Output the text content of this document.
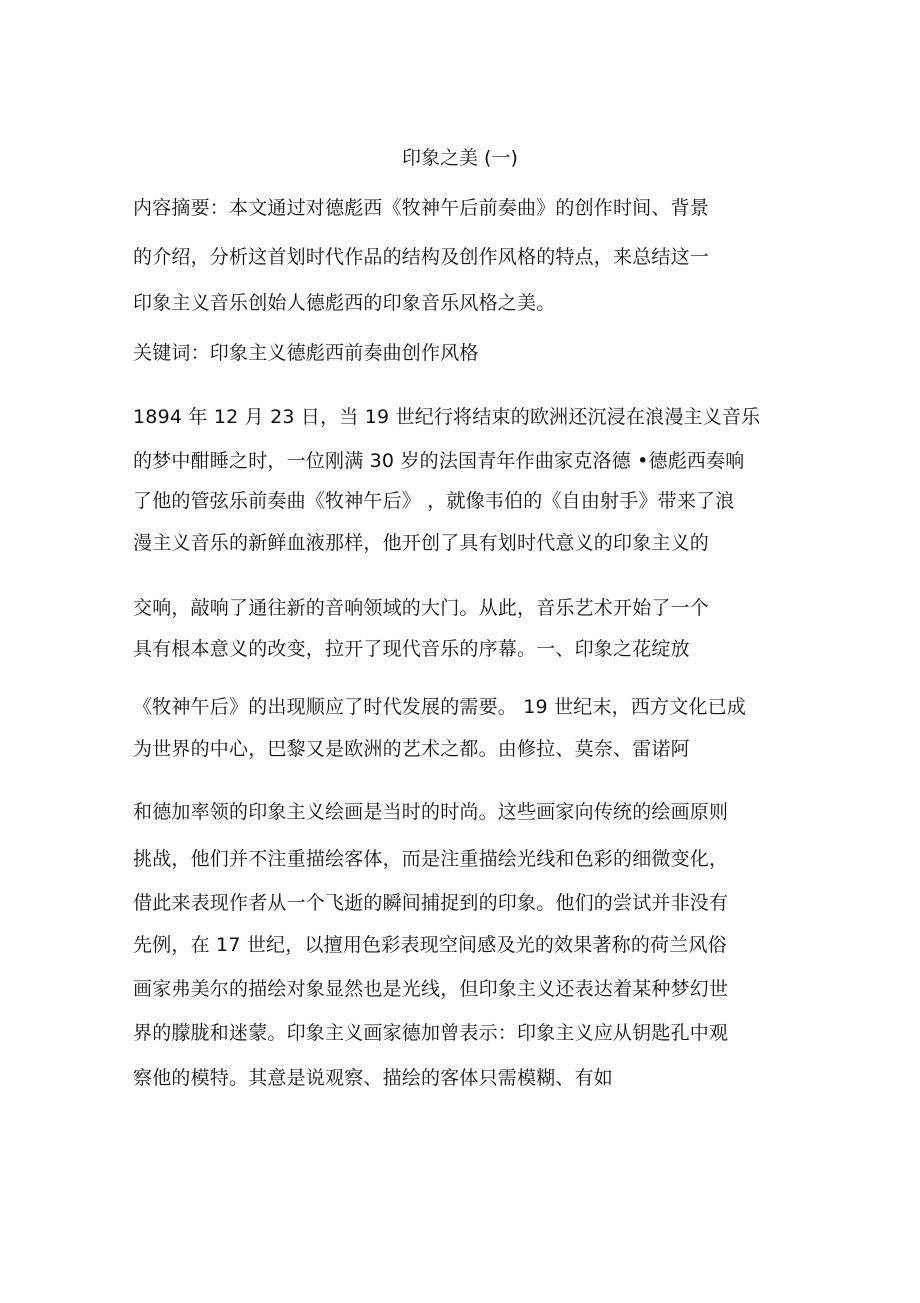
印象之美 (一)
内容摘要：本文通过对德彪西《牧神午后前奏曲》的创作时间、背景
的介绍，分析这首划时代作品的结构及创作风格的特点，来总结这一
印象主义音乐创始人德彪西的印象音乐风格之美。
关键词：印象主义德彪西前奏曲创作风格
1894 年 12 月 23 日，当 19 世纪行将结束的欧洲还沉浸在浪漫主义音乐
的梦中酣睡之时，一位刚满 30 岁的法国青年作曲家克洛德 •德彪西奏响
了他的管弦乐前奏曲《牧神午后》 ，就像韦伯的《自由射手》带来了浪
漫主义音乐的新鲜血液那样，他开创了具有划时代意义的印象主义的
交响，敲响了通往新的音响领域的大门。从此，音乐艺术开始了一个
具有根本意义的改变，拉开了现代音乐的序幕。一、印象之花绽放
《牧神午后》的出现顺应了时代发展的需要。 19 世纪末，西方文化已成
为世界的中心，巴黎又是欧洲的艺术之都。由修拉、莫奈、雷诺阿
和德加率领的印象主义绘画是当时的时尚。这些画家向传统的绘画原则
挑战，他们并不注重描绘客体，而是注重描绘光线和色彩的细微变化，
借此来表现作者从一个飞逝的瞬间捕捉到的印象。他们的尝试并非没有
先例，在 17 世纪，以擅用色彩表现空间感及光的效果著称的荷兰风俗
画家弗美尔的描绘对象显然也是光线，但印象主义还表达着某种梦幻世
界的朦胧和迷蒙。印象主义画家德加曾表示：印象主义应从钥匙孔中观
察他的模特。其意是说观察、描绘的客体只需模糊、有如
